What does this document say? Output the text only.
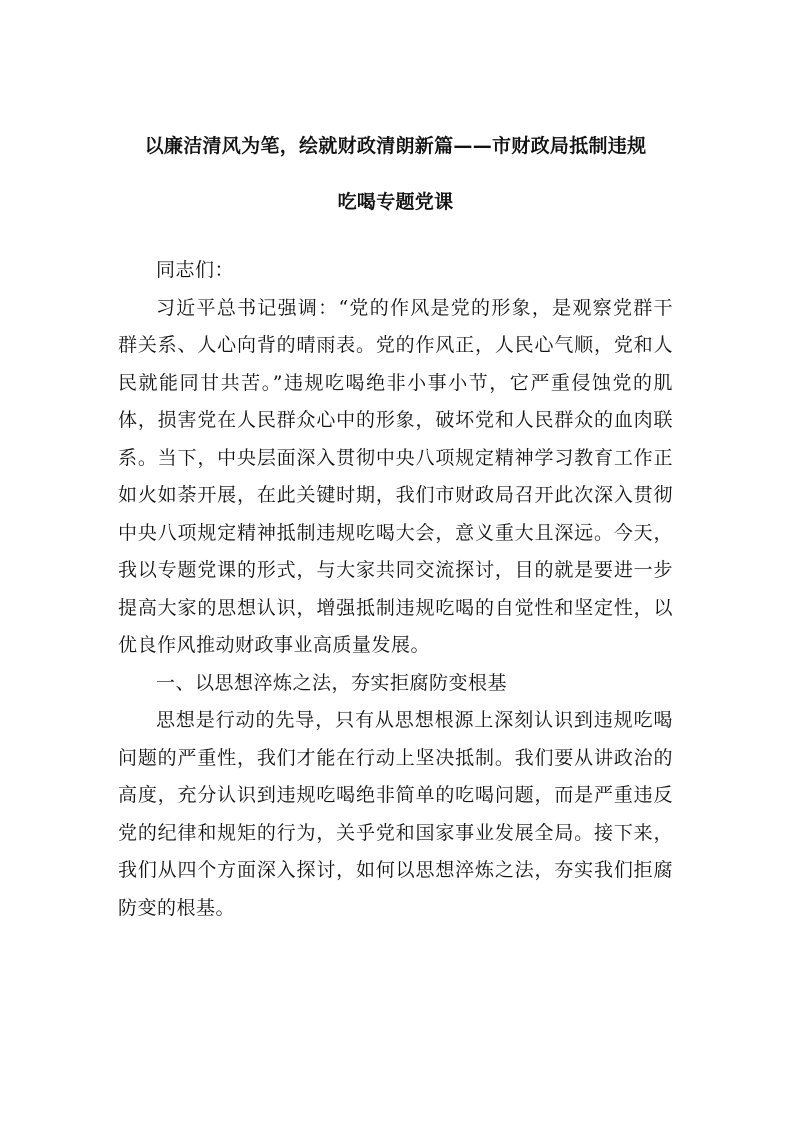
以廉洁清风为笔，绘就财政清朗新篇——市财政局抵制违规
吃喝专题党课

同志们：

习近平总书记强调：“党的作风是党的形象，是观察党群干群关系、人心向背的晴雨表。党的作风正，人民心气顺，党和人民就能同甘共苦。”违规吃喝绝非小事小节，它严重侵蚀党的肌体，损害党在人民群众心中的形象，破坏党和人民群众的血肉联系。当下，中央层面深入贯彻中央八项规定精神学习教育工作正如火如荼开展，在此关键时期，我们市财政局召开此次深入贯彻中央八项规定精神抵制违规吃喝大会，意义重大且深远。今天，我以专题党课的形式，与大家共同交流探讨，目的就是要进一步提高大家的思想认识，增强抵制违规吃喝的自觉性和坚定性，以优良作风推动财政事业高质量发展。

一、以思想淬炼之法，夯实拒腐防变根基

思想是行动的先导，只有从思想根源上深刻认识到违规吃喝问题的严重性，我们才能在行动上坚决抵制。我们要从讲政治的高度，充分认识到违规吃喝绝非简单的吃喝问题，而是严重违反党的纪律和规矩的行为，关乎党和国家事业发展全局。接下来，我们从四个方面深入探讨，如何以思想淬炼之法，夯实我们拒腐防变的根基。
